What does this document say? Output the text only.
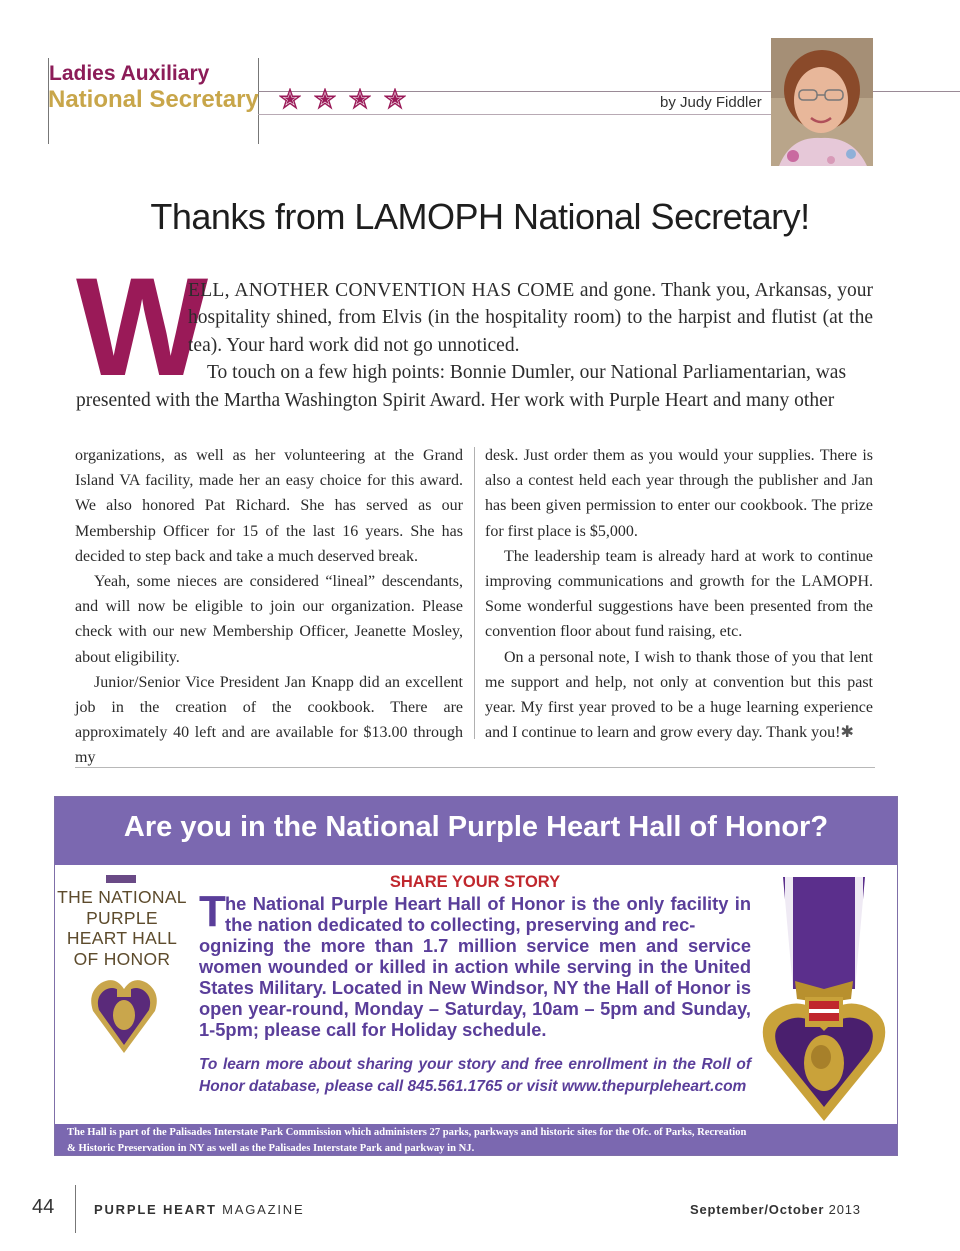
Ladies Auxiliary
National Secretary	by Judy Fiddler
Thanks from LAMOPH National Secretary!
W
ELL, ANOTHER CONVENTION HAS COME and gone. Thank you, Arkansas, your hospitality shined, from Elvis (in the hospitality room) to the harpist and flutist (at the tea). Your hard work did not go unnoticed.
To touch on a few high points: Bonnie Dumler, our National Parliamentarian, was
presented with the Martha Washington Spirit Award. Her work with Purple Heart and many other

organizations, as well as her volunteering at the Grand Island VA facility, made her an easy choice for this award. We also honored Pat Richard. She has served as our Membership Officer for 15 of the last 16 years. She has decided to step back and take a much deserved break.

Yeah, some nieces are considered “lineal” descendants, and will now be eligible to join our organization. Please check with our new Membership Officer, Jeanette Mosley, about eligibility.

Junior/Senior Vice President Jan Knapp did an excellent job in the creation of the cookbook. There are approximately 40 left and are available for $13.00 through my

desk. Just order them as you would your supplies. There is also a contest held each year through the publisher and Jan has been given permission to enter our cookbook. The prize for first place is $5,000.

The leadership team is already hard at work to continue improving communications and growth for the LAMOPH. Some wonderful suggestions have been presented from the convention floor about fund raising, etc.

On a personal note, I wish to thank those of you that lent me support and help, not only at convention but this past year. My first year proved to be a huge learning experience and I continue to learn and grow every day. Thank you!✱

Are you in the National Purple Heart Hall of Honor?
THE NATIONAL PURPLE HEART HALL OF HONOR
SHARE YOUR STORY
T he National Purple Heart Hall of Honor is the only facility in the nation dedicated to collecting, preserving and rec-
ognizing the more than 1.7 million service men and service women wounded or killed in action while serving in the United States Military. Located in New Windsor, NY the Hall of Honor is open year-round, Monday – Saturday, 10am – 5pm and Sunday, 1-5pm; please call for Holiday schedule.
To learn more about sharing your story and free enrollment in the Roll of Honor database, please call 845.561.1765 or visit www.thepurpleheart.com
The Hall is part of the Palisades Interstate Park Commission which administers 27 parks, parkways and historic sites for the Ofc. of Parks, Recreation & Historic Preservation in NY as well as the Palisades Interstate Park and parkway in NJ.
44	PURPLE HEART MAGAZINE	September/October 2013
